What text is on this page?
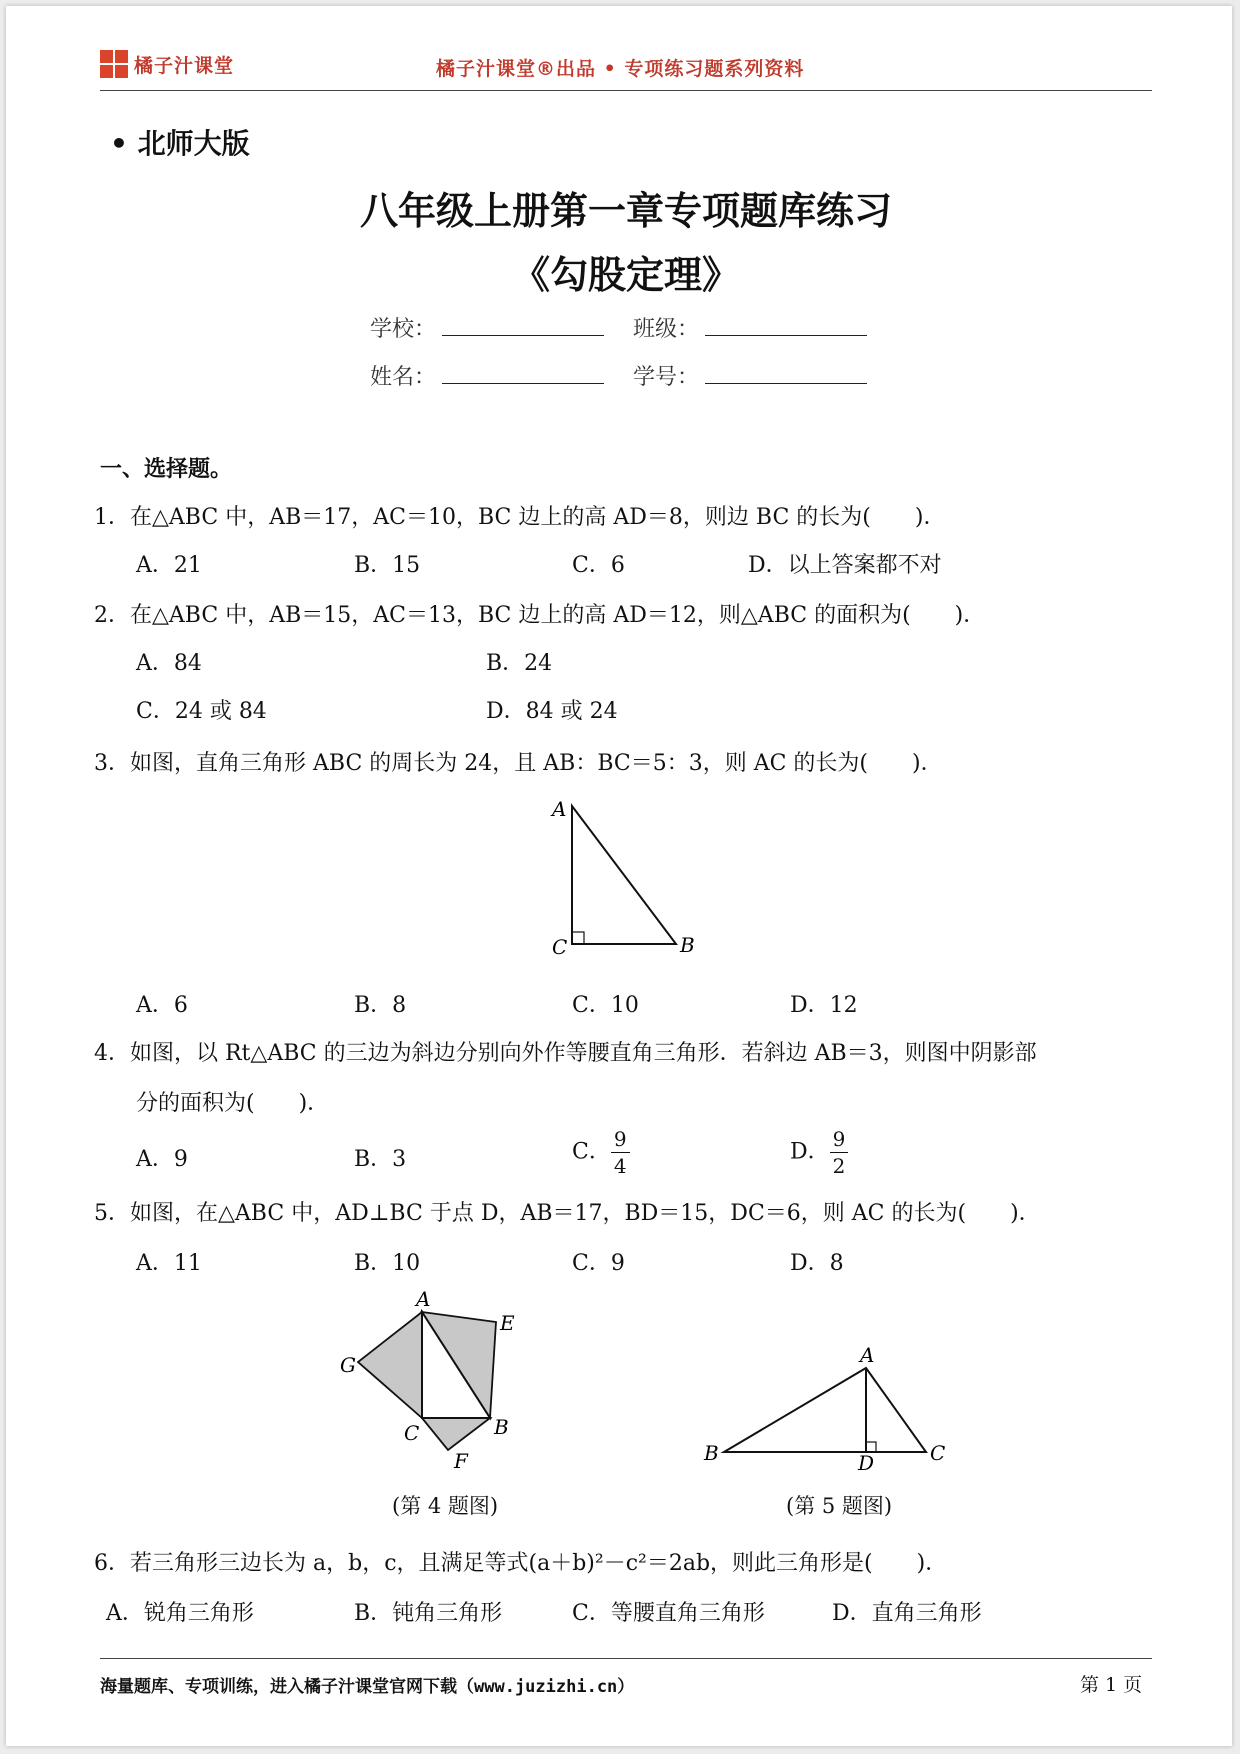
橘子汁课堂	橘子汁课堂®出品 • 专项练习题系列资料
• 北师大版
八年级上册第一章专项题库练习
《勾股定理》
学校：	班级：
姓名：	学号：
一、选择题。
1．在△ABC 中，AB＝17，AC＝10，BC 边上的高 AD＝8，则边 BC 的长为(　　)．
A．21	B．15	C．6	D．以上答案都不对
2．在△ABC 中，AB＝15，AC＝13，BC 边上的高 AD＝12，则△ABC 的面积为(　　)．
A．84	B．24
C．24 或 84	D．84 或 24
3．如图，直角三角形 ABC 的周长为 24，且 AB：BC＝5：3，则 AC 的长为(　　)．
A
C	B
A．6	B．8	C．10	D．12
4．如图，以 Rt△ABC 的三边为斜边分别向外作等腰直角三角形．若斜边 AB＝3，则图中阴影部
分的面积为(　　)．
A．9	B．3	C． $\frac{9}{4}$	D． $\frac{9}{2}$
5．如图，在△ABC 中，AD⊥BC 于点 D，AB＝17，BD＝15，DC＝6，则 AC 的长为(　　)．
A．11	B．10	C．9	D．8
A
E
G
C	B
F
(第 4 题图)
A
B	C
D
(第 5 题图)
6．若三角形三边长为 a，b，c，且满足等式(a＋b)²－c²＝2ab，则此三角形是(　　)．
A．锐角三角形	B．钝角三角形	C．等腰直角三角形	D．直角三角形
海量题库、专项训练，进入橘子汁课堂官网下载（www.juzizhi.cn）	第 1 页
